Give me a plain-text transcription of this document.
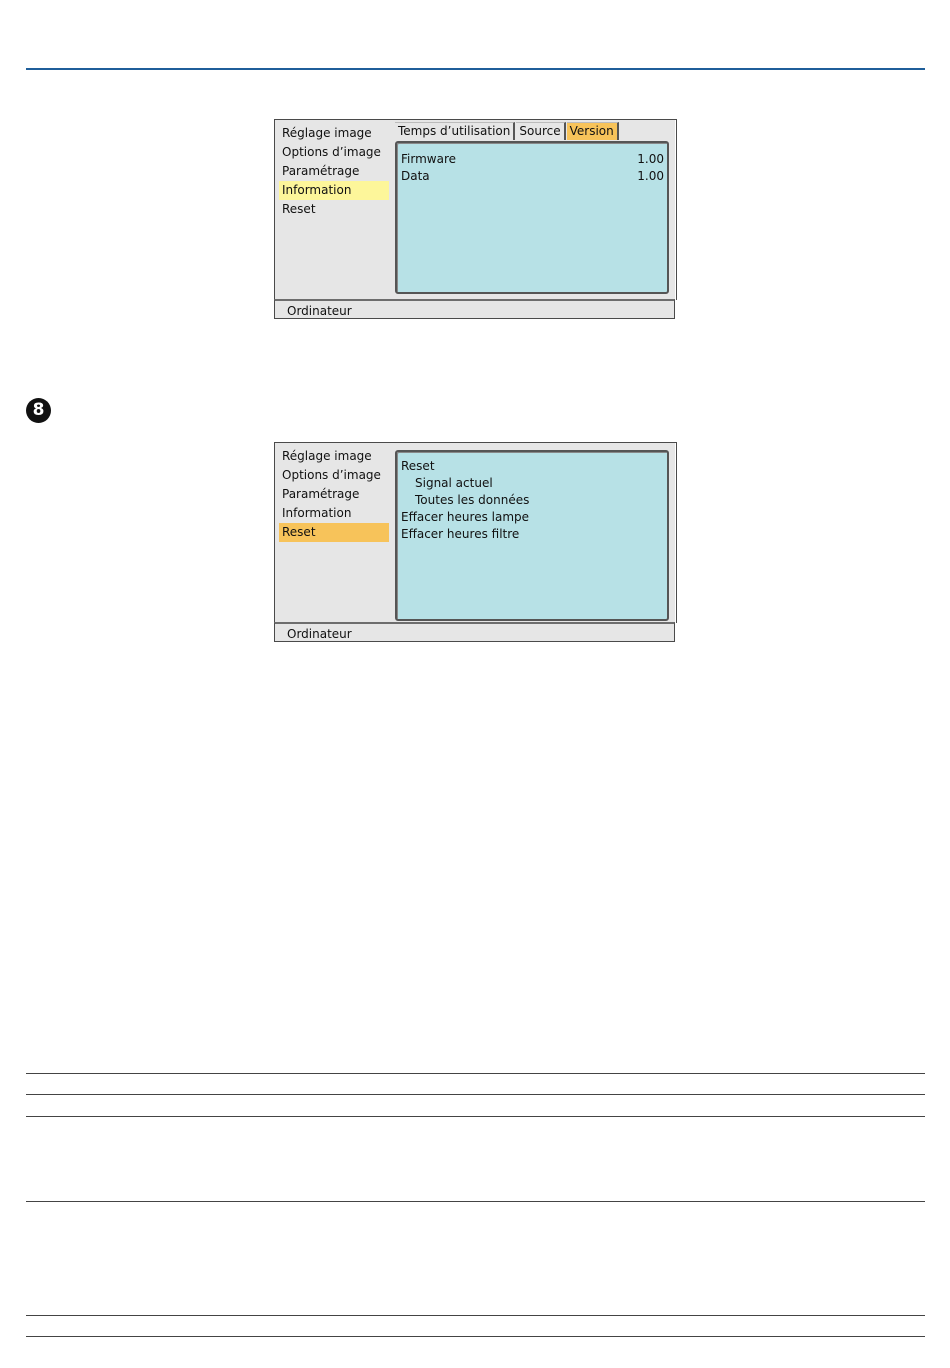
Réglage image
Options d’image
Paramétrage
Information
Reset
Temps d’utilisation Source Version
Firmware	1.00
Data	1.00
Ordinateur
8
Réglage image
Options d’image
Paramétrage
Information
Reset
Reset
Signal actuel
Toutes les données
Effacer heures lampe
Effacer heures filtre
Ordinateur
